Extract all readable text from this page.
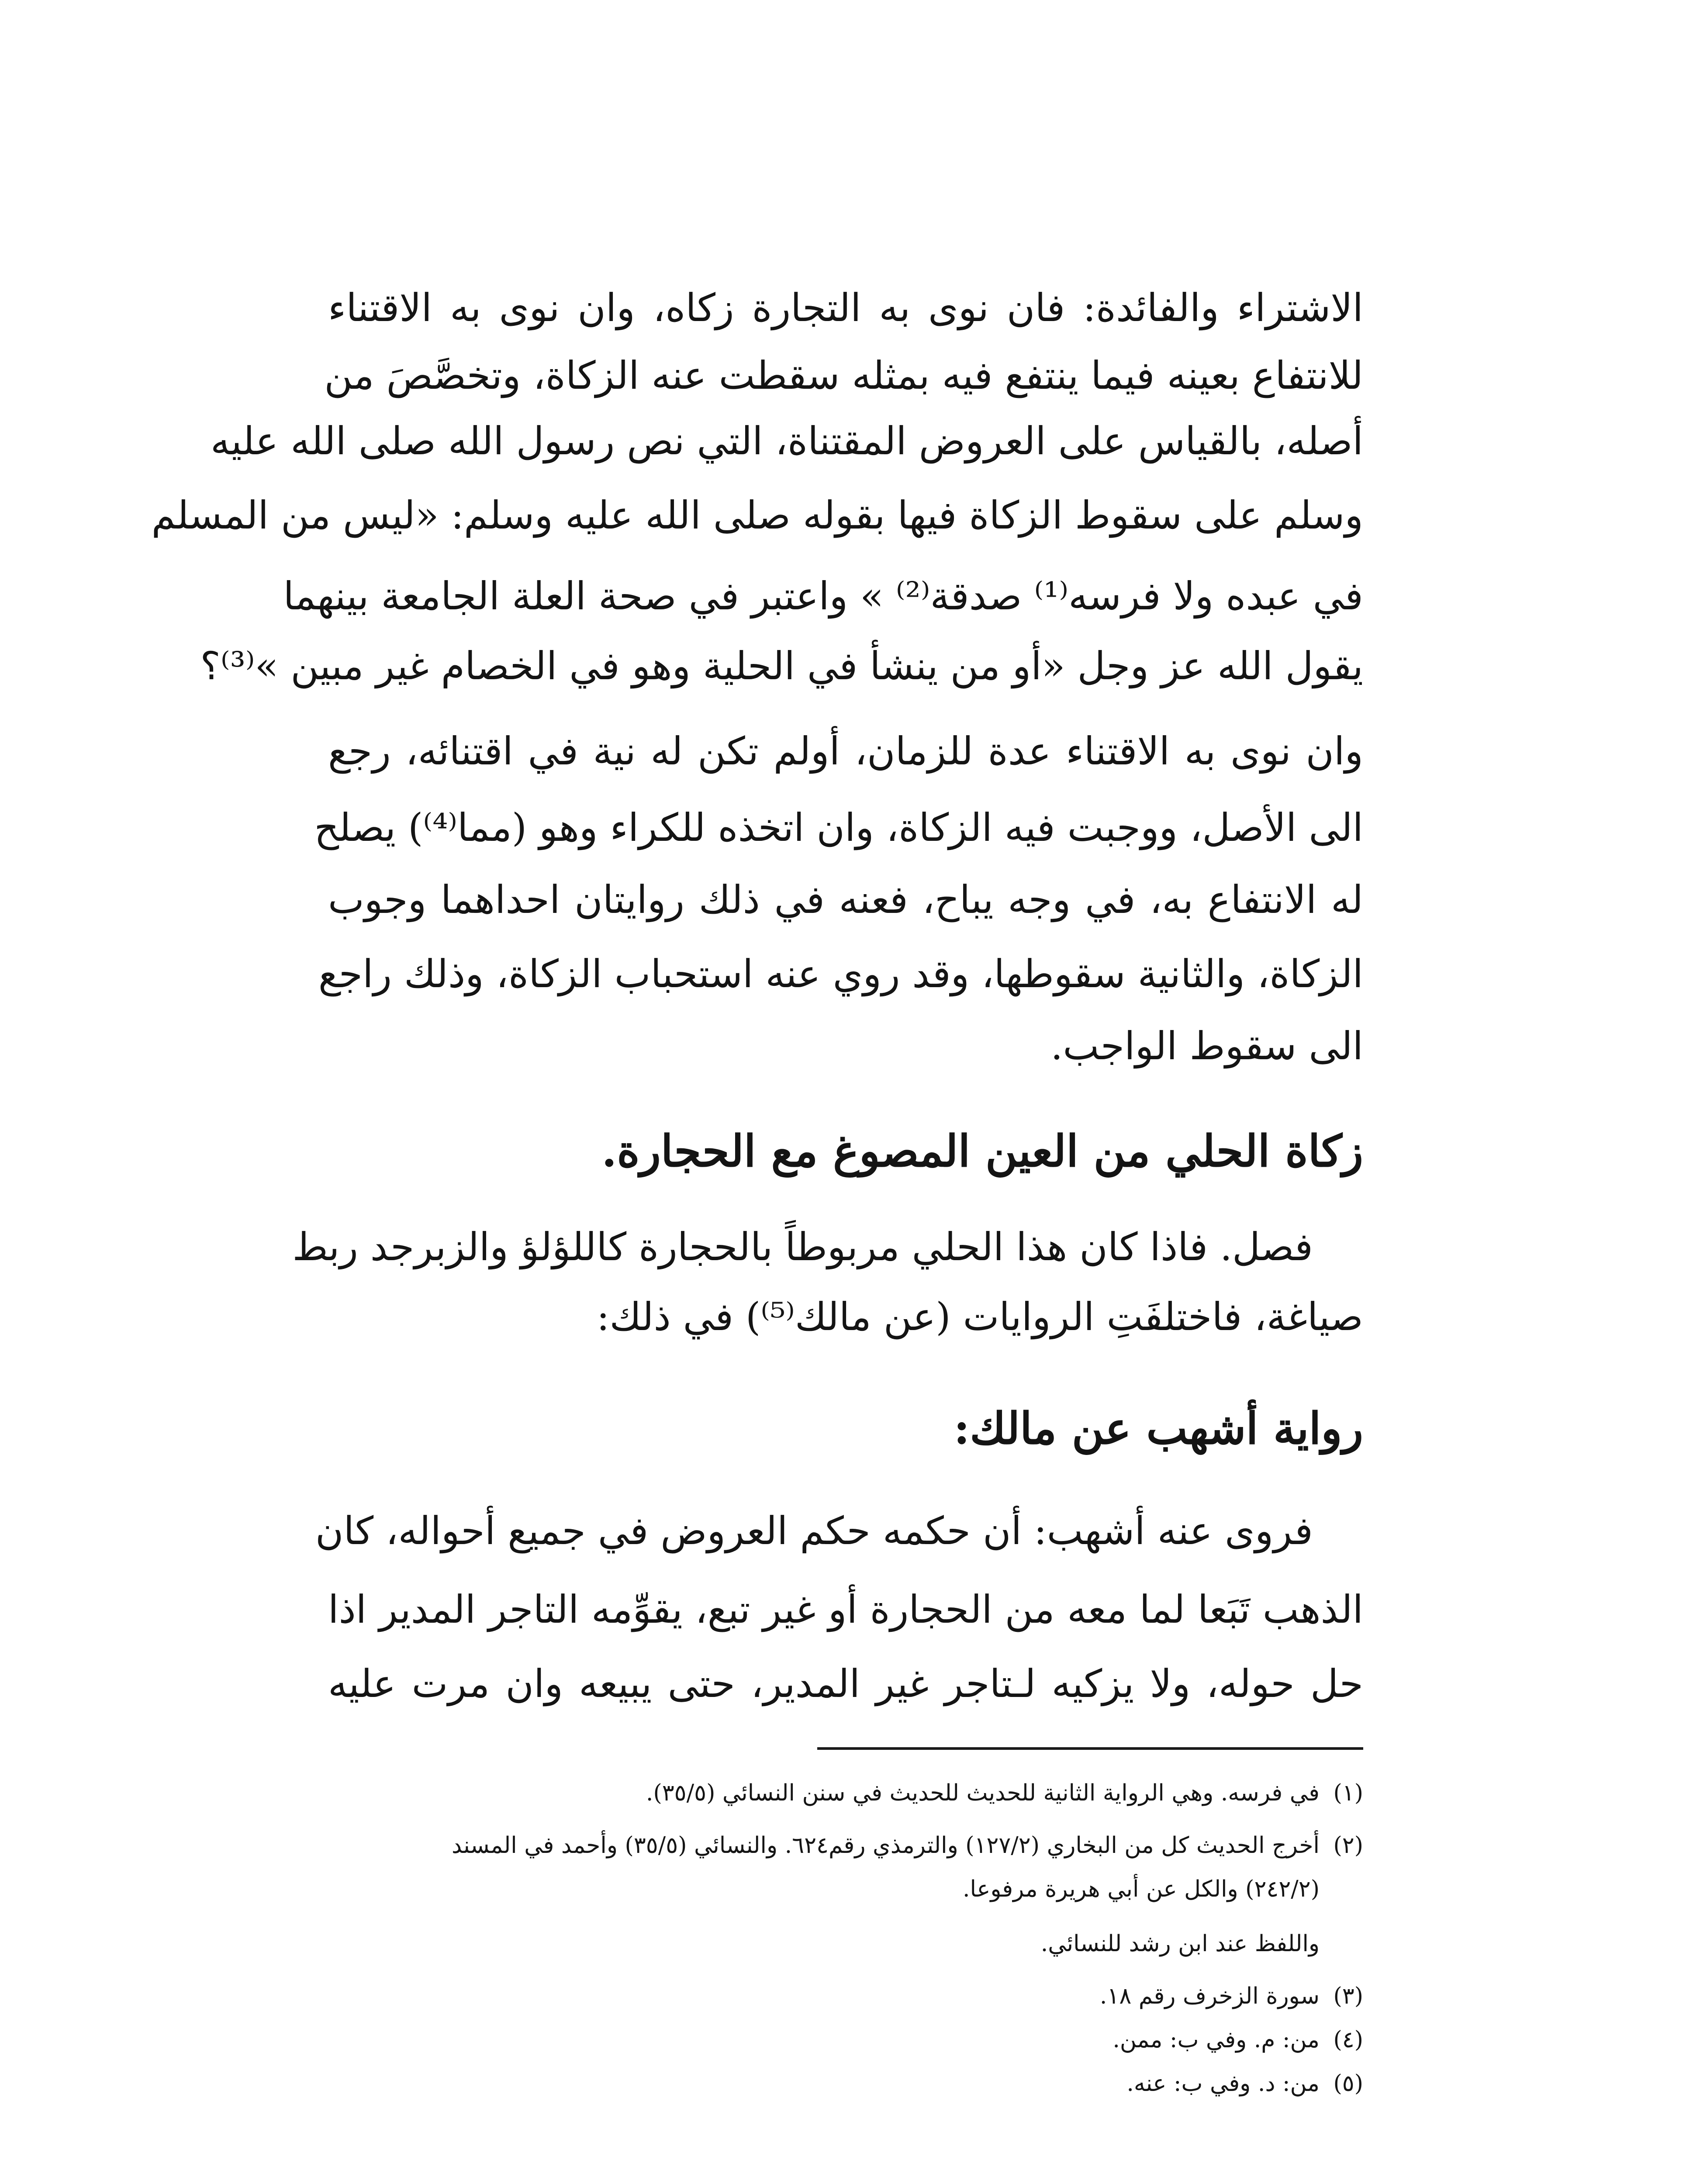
الاشتراء والفائدة: فان نوى به التجارة زكاه، وان نوى به الاقتناء
للانتفاع بعينه فيما ينتفع فيه بمثله سقطت عنه الزكاة، وتخصَّصَ من
أصله، بالقياس على العروض المقتناة، التي نص رسول الله صلى الله عليه
وسلم على سقوط الزكاة فيها بقوله صلى الله عليه وسلم: «ليس من المسلم
في عبده ولا فرسه⁽¹⁾ صدقة⁽²⁾ » واعتبر في صحة العلة الجامعة بينهما
يقول الله عز وجل «أو من ينشأ في الحلية وهو في الخصام غير مبين »⁽³⁾؟
وان نوى به الاقتناء عدة للزمان، أولم تكن له نية في اقتنائه، رجع
الى الأصل، ووجبت فيه الزكاة، وان اتخذه للكراء وهو (مما⁽⁴⁾) يصلح
له الانتفاع به، في وجه يباح، فعنه في ذلك روايتان احداهما وجوب
الزكاة، والثانية سقوطها، وقد روي عنه استحباب الزكاة، وذلك راجع
الى سقوط الواجب.
زكاة الحلي من العين المصوغ مع الحجارة.
فصل. فاذا كان هذا الحلي مربوطاً بالحجارة كاللؤلؤ والزبرجد ربط
صياغة، فاختلفَتِ الروايات (عن مالك⁽⁵⁾) في ذلك:
رواية أشهب عن مالك:
فروى عنه أشهب: أن حكمه حكم العروض في جميع أحواله، كان
الذهب تَبَعا لما معه من الحجارة أو غير تبع، يقوِّمه التاجر المدير اذا
حل حوله، ولا يزكيه لـتاجر غير المدير، حتى يبيعه وان مرت عليه
(١)في فرسه. وهي الرواية الثانية للحديث للحديث في سنن النسائي (٣٥/٥).
(٢)أخرج الحديث كل من البخاري (١٢٧/٢) والترمذي رقم٦٢٤. والنسائي (٣٥/٥) وأحمد في المسند
(٢٤٢/٢) والكل عن أبي هريرة مرفوعا.
واللفظ عند ابن رشد للنسائي.
(٣)سورة الزخرف رقم ١٨.
(٤)من: م. وفي ب: ممن.
(٥)من: د. وفي ب: عنه.
